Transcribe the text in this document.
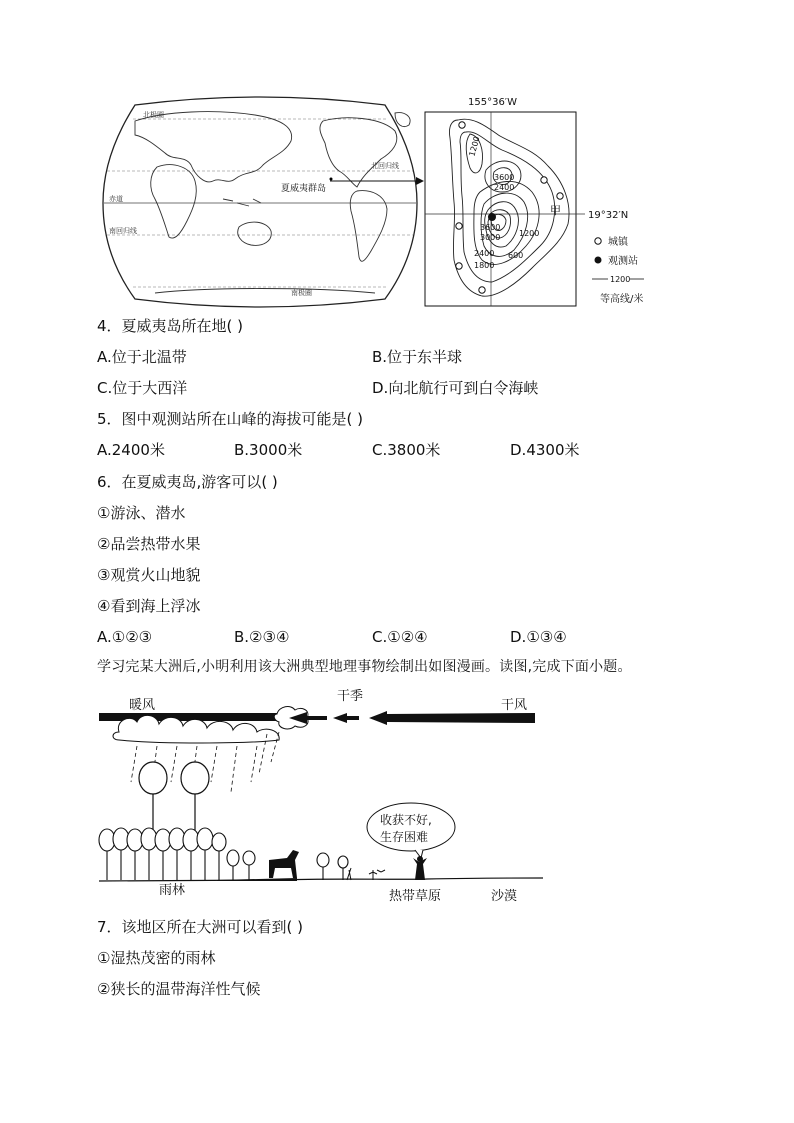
北极圈
北回归线
赤道
南回归线
南极圈
夏威夷群岛
155°36′W
19°32′N
1200
3600
2400
3600
3000 1200
2400
1800
600
甲
城镇
观测站
1200
等高线/米
4．夏威夷岛所在地( )
A.位于北温带	B.位于东半球
C.位于大西洋	D.向北航行可到白令海峡
5．图中观测站所在山峰的海拔可能是( )
A.2400米	B.3000米	C.3800米	D.4300米
6．在夏威夷岛,游客可以( )
①游泳、潜水
②品尝热带水果
③观赏火山地貌
④看到海上浮冰
A.①②③	B.②③④	C.①②④	D.①③④
学习完某大洲后,小明利用该大洲典型地理事物绘制出如图漫画。读图,完成下面小题。
暖风
干季
干风
收获不好,
生存困难
雨林	热带草原	沙漠
7．该地区所在大洲可以看到( )
①湿热茂密的雨林
②狭长的温带海洋性气候
